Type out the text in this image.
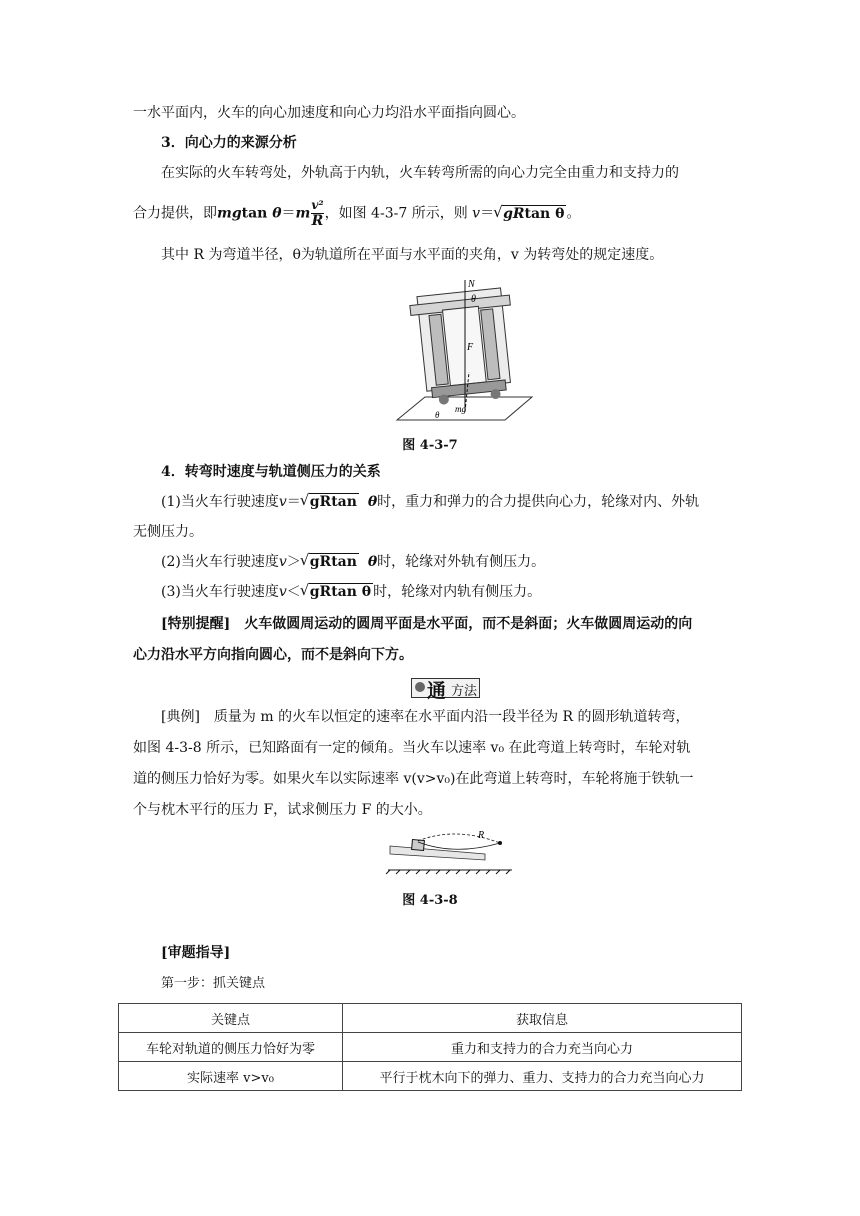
一水平面内，火车的向心加速度和向心力均沿水平面指向圆心。
3．向心力的来源分析
在实际的火车转弯处，外轨高于内轨，火车转弯所需的向心力完全由重力和支持力的
合力提供，即mgtan $\theta=m \frac{\text{v²}}{R}$ ，如图 4-3-7 所示，则 v＝ √ gRtan θ 。
其中 R 为弯道半径，θ为轨道所在平面与水平面的夹角，v 为转弯处的规定速度。
N
θ
F
θ
mg
图 4-3-7
4．转弯时速度与轨道侧压力的关系
(1)当火车行驶速度v＝ √ gRtan θ时，重力和弹力的合力提供向心力，轮缘对内、外轨
无侧压力。
(2)当火车行驶速度v＞ √ gRtan θ时，轮缘对外轨有侧压力。
(3)当火车行驶速度v＜ √ gRtan θ 时，轮缘对内轨有侧压力。
[特别提醒]　火车做圆周运动的圆周平面是水平面，而不是斜面；火车做圆周运动的向
心力沿水平方向指向圆心，而不是斜向下方。
通 方法
[典例]　质量为 m 的火车以恒定的速率在水平面内沿一段半径为 R 的圆形轨道转弯，
如图 4-3-8 所示，已知路面有一定的倾角。当火车以速率 v₀ 在此弯道上转弯时，车轮对轨
道的侧压力恰好为零。如果火车以实际速率 v(v>v₀)在此弯道上转弯时，车轮将施于铁轨一
个与枕木平行的压力 F，试求侧压力 F 的大小。
R
图 4-3-8
[审题指导]
第一步：抓关键点
关键点	获取信息
车轮对轨道的侧压力恰好为零	重力和支持力的合力充当向心力
实际速率 v>v₀	平行于枕木向下的弹力、重力、支持力的合力充当向心力
